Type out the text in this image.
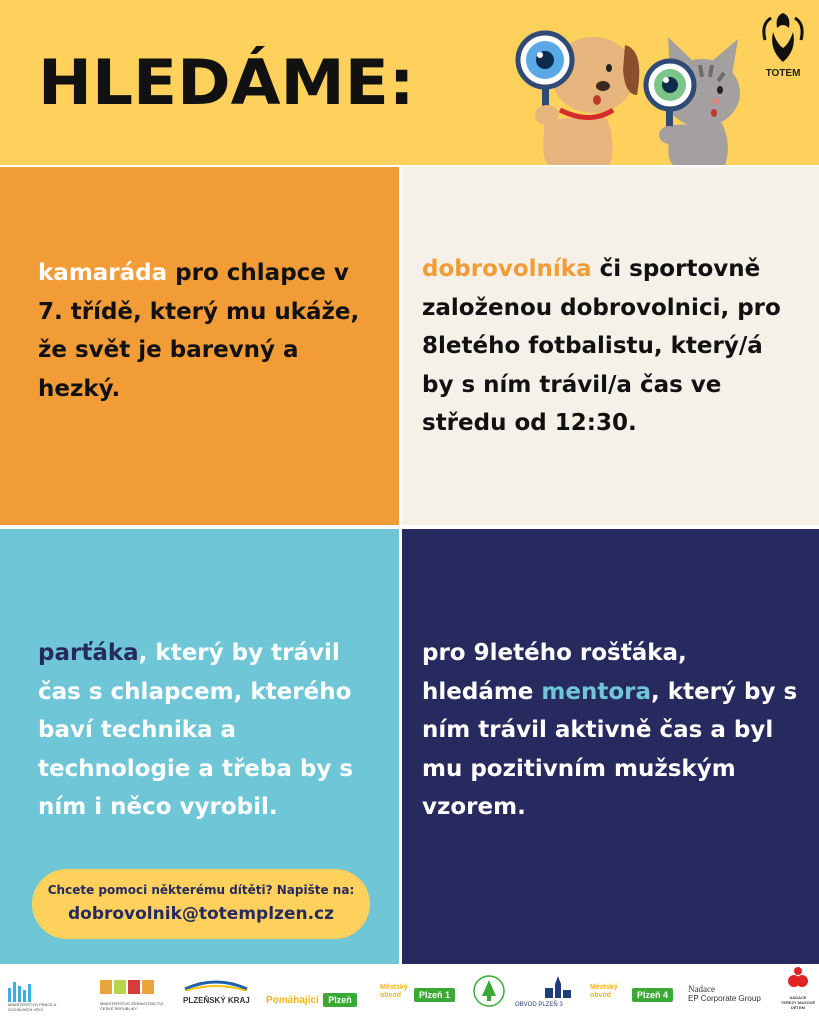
HLEDÁME:	TOTEM
kamaráda pro chlapce v 7. třídě, který mu ukáže, že svět je barevný a hezký.
dobrovolníka či sportovně založenou dobrovolnici, pro 8letého fotbalistu, který/á by s ním trávil/a čas ve středu od 12:30.
parťáka, který by trávil čas s chlapcem, kterého baví technika a technologie a třeba by s ním i něco vyrobil.
Chcete pomoci některému dítěti? Napište na:
dobrovolnik@totemplzen.cz
pro 9letého rošťáka, hledáme mentora, který by s ním trávil aktivně čas a byl mu pozitivním mužským vzorem.
MINISTERSTVO PRÁCE A SOCIÁLNÍCH VĚCÍ
MINISTERSTVO ZDRAVOTNICTVÍ ČESKÉ REPUBLIKY
PLZEŇSKÝ KRAJ	Pomáhající Plzeň
Městský
obvod	Plzeň 1
OBVOD PLZEŇ 3
Městský
obvod	Plzeň 4
Nadace
EP Corporate Group	NADACE
TEREZY MAXOVÉ
DĚTEM
